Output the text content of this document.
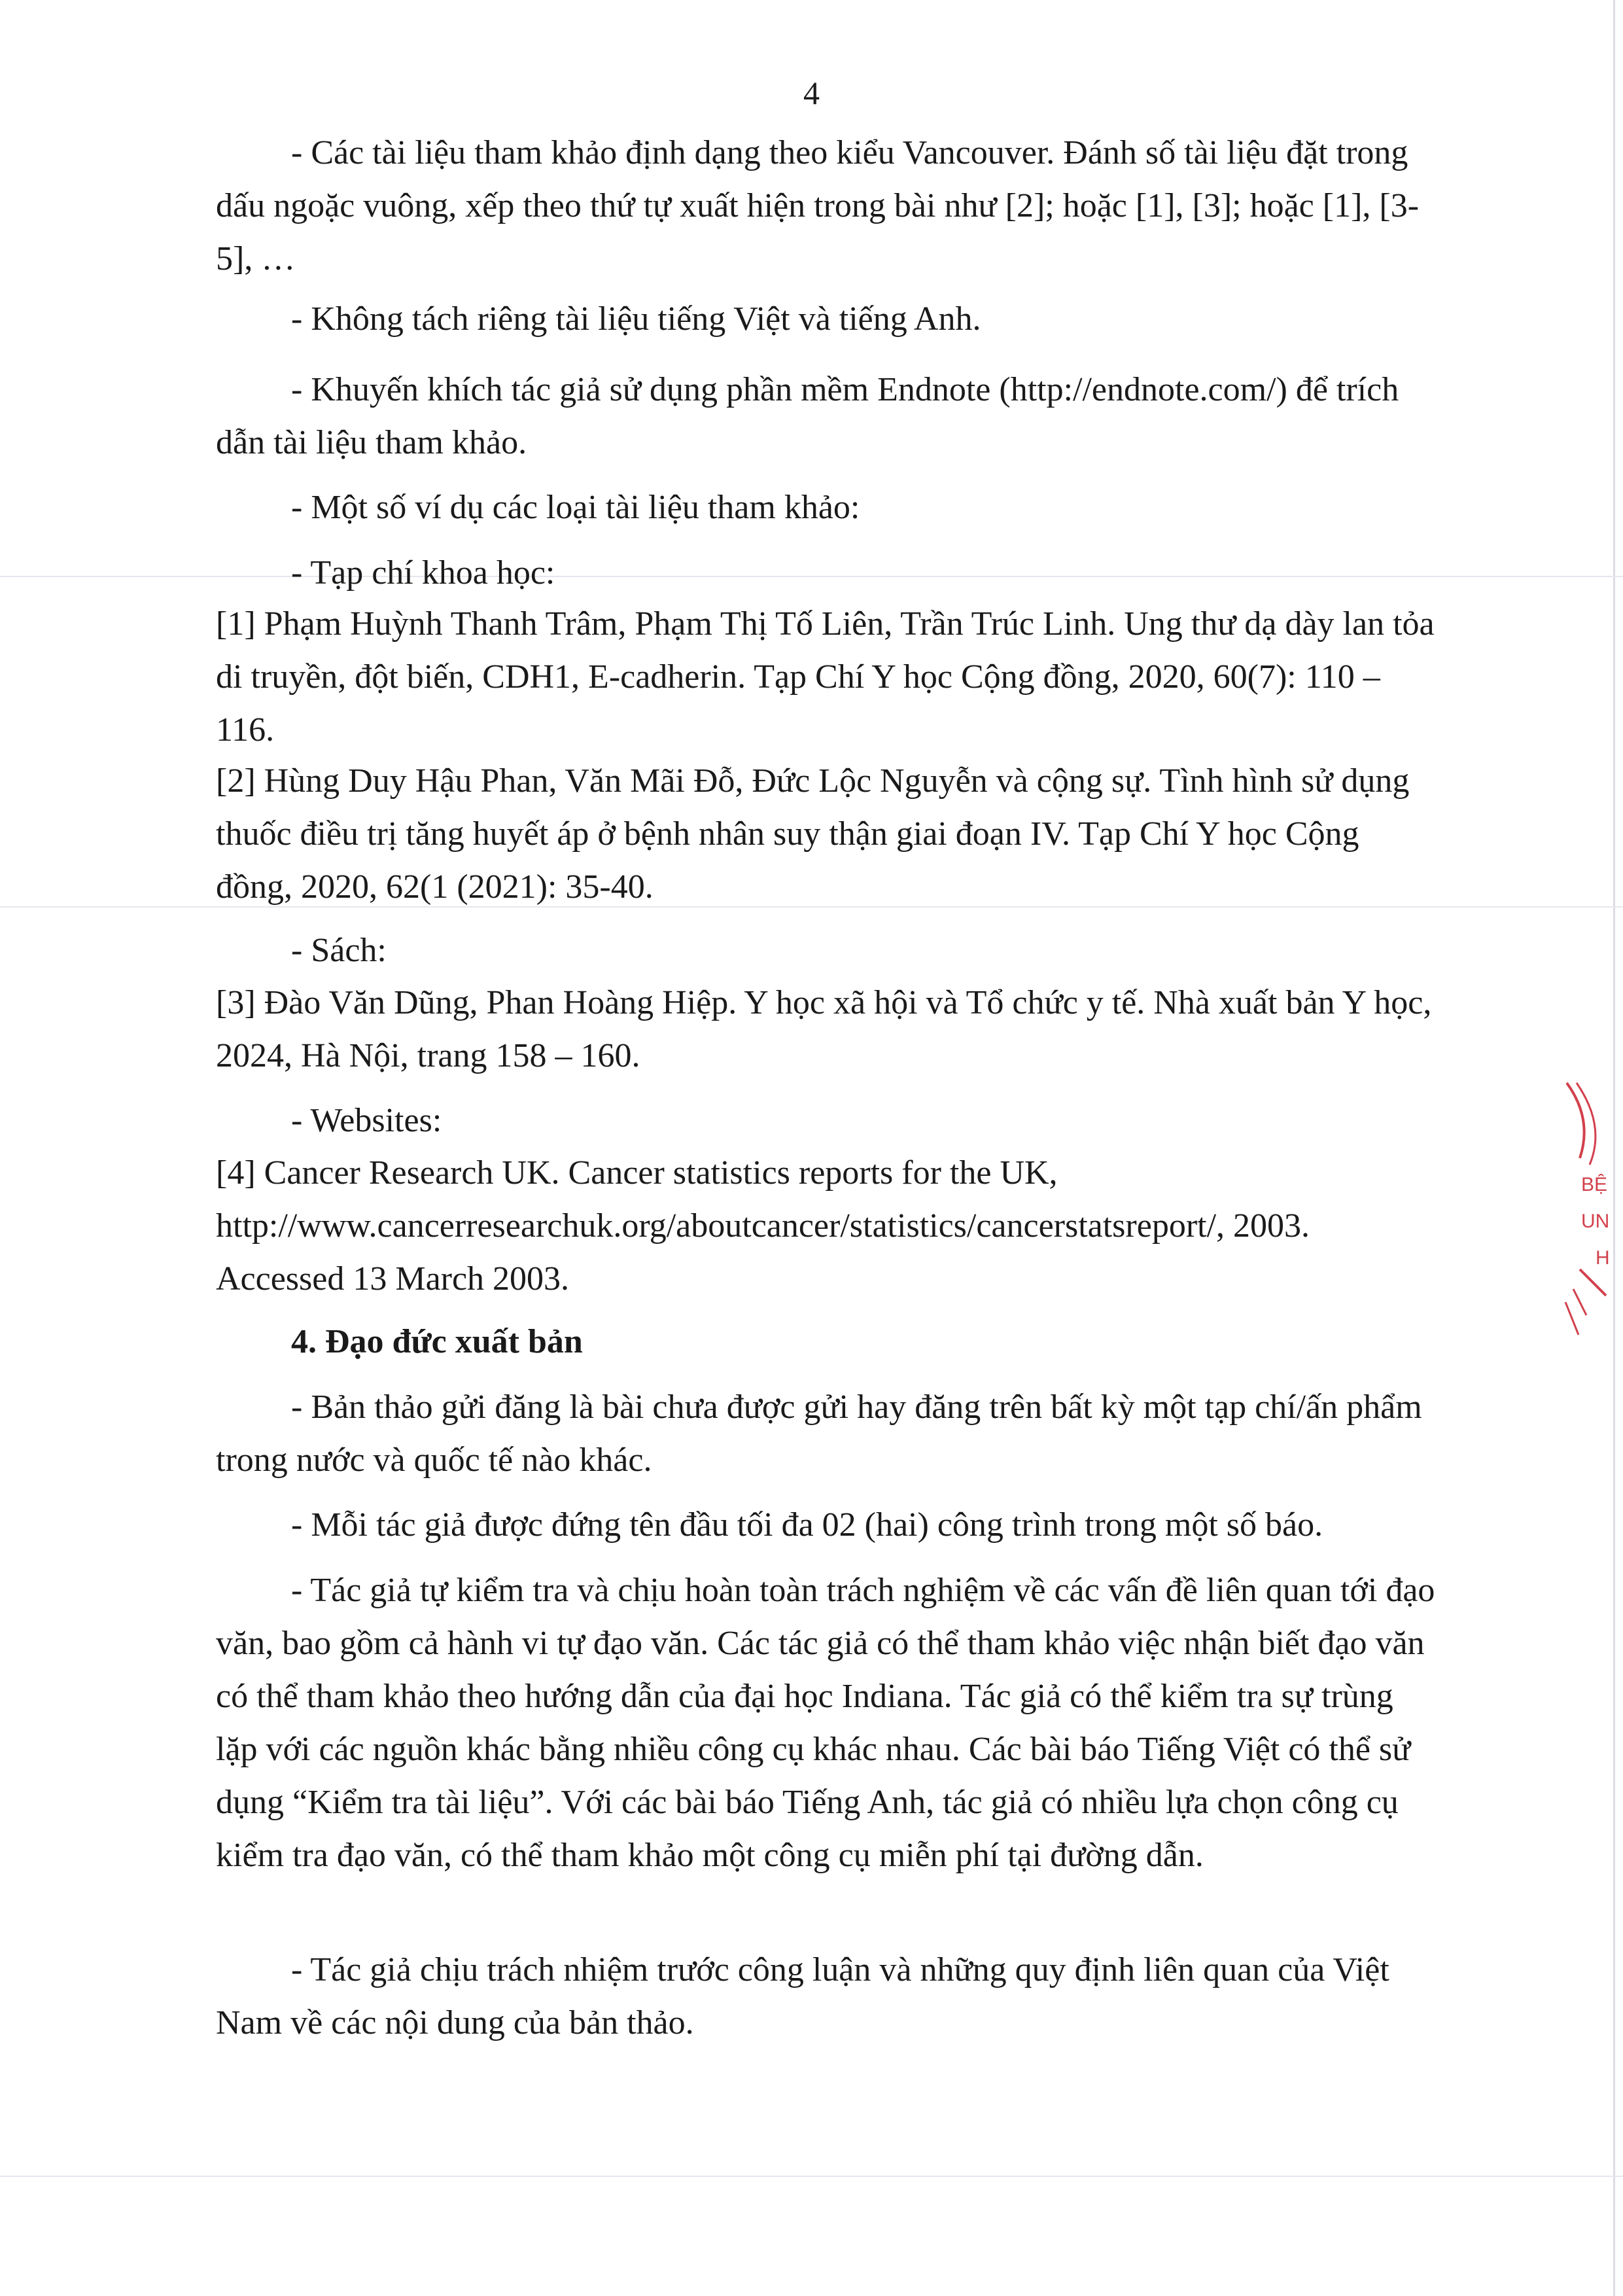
4

- Các tài liệu tham khảo định dạng theo kiểu Vancouver. Đánh số tài liệu đặt trong dấu ngoặc vuông, xếp theo thứ tự xuất hiện trong bài như [2]; hoặc [1], [3]; hoặc [1], [3-5], …

- Không tách riêng tài liệu tiếng Việt và tiếng Anh.

- Khuyến khích tác giả sử dụng phần mềm Endnote (http://endnote.com/) để trích dẫn tài liệu tham khảo.

- Một số ví dụ các loại tài liệu tham khảo:

- Tạp chí khoa học:

[1] Phạm Huỳnh Thanh Trâm, Phạm Thị Tố Liên, Trần Trúc Linh. Ung thư dạ dày lan tỏa di truyền, đột biến, CDH1, E-cadherin. Tạp Chí Y học Cộng đồng, 2020, 60(7): 110 – 116.

[2] Hùng Duy Hậu Phan, Văn Mãi Đỗ, Đức Lộc Nguyễn và cộng sự. Tình hình sử dụng thuốc điều trị tăng huyết áp ở bệnh nhân suy thận giai đoạn IV. Tạp Chí Y học Cộng đồng, 2020, 62(1 (2021): 35-40.

- Sách:

[3] Đào Văn Dũng, Phan Hoàng Hiệp. Y học xã hội và Tổ chức y tế. Nhà xuất bản Y học, 2024, Hà Nội, trang 158 – 160.

- Websites:

[4] Cancer Research UK. Cancer statistics reports for the UK,
http://www.cancerresearchuk.org/aboutcancer/statistics/cancerstatsreport/, 2003.
Accessed 13 March 2003.

4. Đạo đức xuất bản

- Bản thảo gửi đăng là bài chưa được gửi hay đăng trên bất kỳ một tạp chí/ấn phẩm trong nước và quốc tế nào khác.

- Mỗi tác giả được đứng tên đầu tối đa 02 (hai) công trình trong một số báo.

- Tác giả tự kiểm tra và chịu hoàn toàn trách nghiệm về các vấn đề liên quan tới đạo văn, bao gồm cả hành vi tự đạo văn. Các tác giả có thể tham khảo việc nhận biết đạo văn có thể tham khảo theo hướng dẫn của đại học Indiana. Tác giả có thể kiểm tra sự trùng lặp với các nguồn khác bằng nhiều công cụ khác nhau. Các bài báo Tiếng Việt có thể sử dụng “Kiểm tra tài liệu”. Với các bài báo Tiếng Anh, tác giả có nhiều lựa chọn công cụ kiểm tra đạo văn, có thể tham khảo một công cụ miễn phí tại đường dẫn.

- Tác giả chịu trách nhiệm trước công luận và những quy định liên quan của Việt Nam về các nội dung của bản thảo.

BỆ
UN
H
